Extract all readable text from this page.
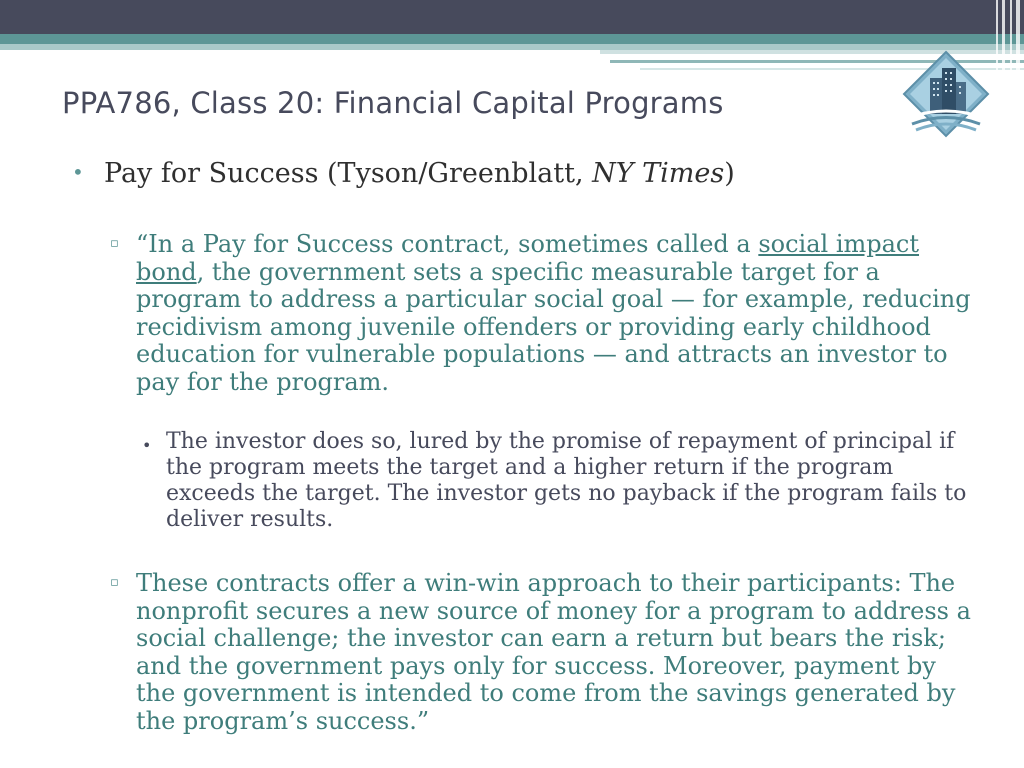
PPA786, Class 20: Financial Capital Programs
• Pay for Success (Tyson/Greenblatt, NY Times)
▫ “In a Pay for Success contract, sometimes called a social impact bond, the government sets a specific measurable target for a program to address a particular social goal — for example, reducing recidivism among juvenile offenders or providing early childhood education for vulnerable populations — and attracts an investor to pay for the program.
• The investor does so, lured by the promise of repayment of principal if the program meets the target and a higher return if the program exceeds the target. The investor gets no payback if the program fails to deliver results.
▫ These contracts offer a win-win approach to their participants: The nonprofit secures a new source of money for a program to address a social challenge; the investor can earn a return but bears the risk; and the government pays only for success. Moreover, payment by the government is intended to come from the savings generated by the program’s success.”
